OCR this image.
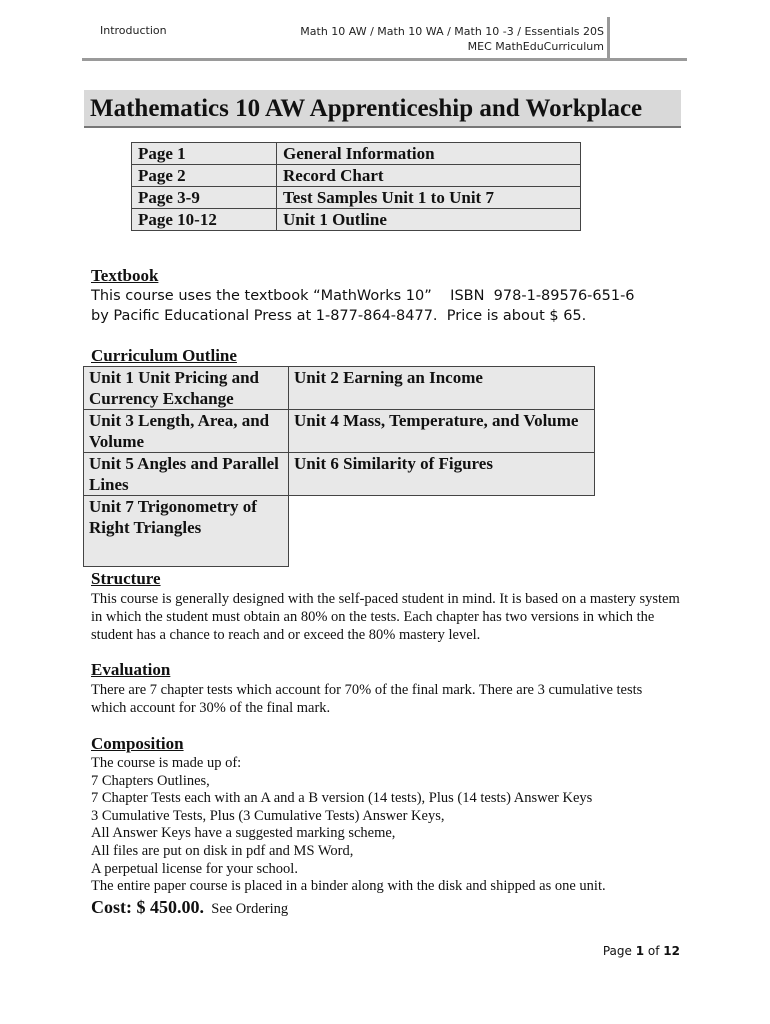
Introduction	Math 10 AW / Math 10 WA / Math 10 -3 / Essentials 20S
MEC MathEduCurriculum
Mathematics 10 AW Apprenticeship and Workplace
Page 1	General Information
Page 2	Record Chart
Page 3-9	Test Samples Unit 1 to Unit 7
Page 10-12	Unit 1 Outline
Textbook
This course uses the textbook “MathWorks 10”    ISBN  978-1-89576-651-6
by Pacific Educational Press at 1-877-864-8477.  Price is about $ 65.
Curriculum Outline
Unit 1 Unit Pricing and Currency Exchange	Unit 2 Earning an Income
Unit 3 Length, Area, and Volume	Unit 4 Mass, Temperature, and Volume
Unit 5 Angles and Parallel Lines	Unit 6 Similarity of Figures
Unit 7 Trigonometry of Right Triangles	
Structure
This course is generally designed with the self-paced student in mind. It is based on a mastery system in which the student must obtain an 80% on the tests. Each chapter has two versions in which the student has a chance to reach and or exceed the 80% mastery level.
Evaluation
There are 7 chapter tests which account for 70% of the final mark. There are 3 cumulative tests which account for 30% of the final mark.
Composition
The course is made up of:
7 Chapters Outlines,
7 Chapter Tests each with an A and a B version (14 tests), Plus (14 tests) Answer Keys
3 Cumulative Tests, Plus (3 Cumulative Tests) Answer Keys,
All Answer Keys have a suggested marking scheme,
All files are put on disk in pdf and MS Word,
A perpetual license for your school.
The entire paper course is placed in a binder along with the disk and shipped as one unit.
Cost: $ 450.00. See Ordering
Page 1 of 12
